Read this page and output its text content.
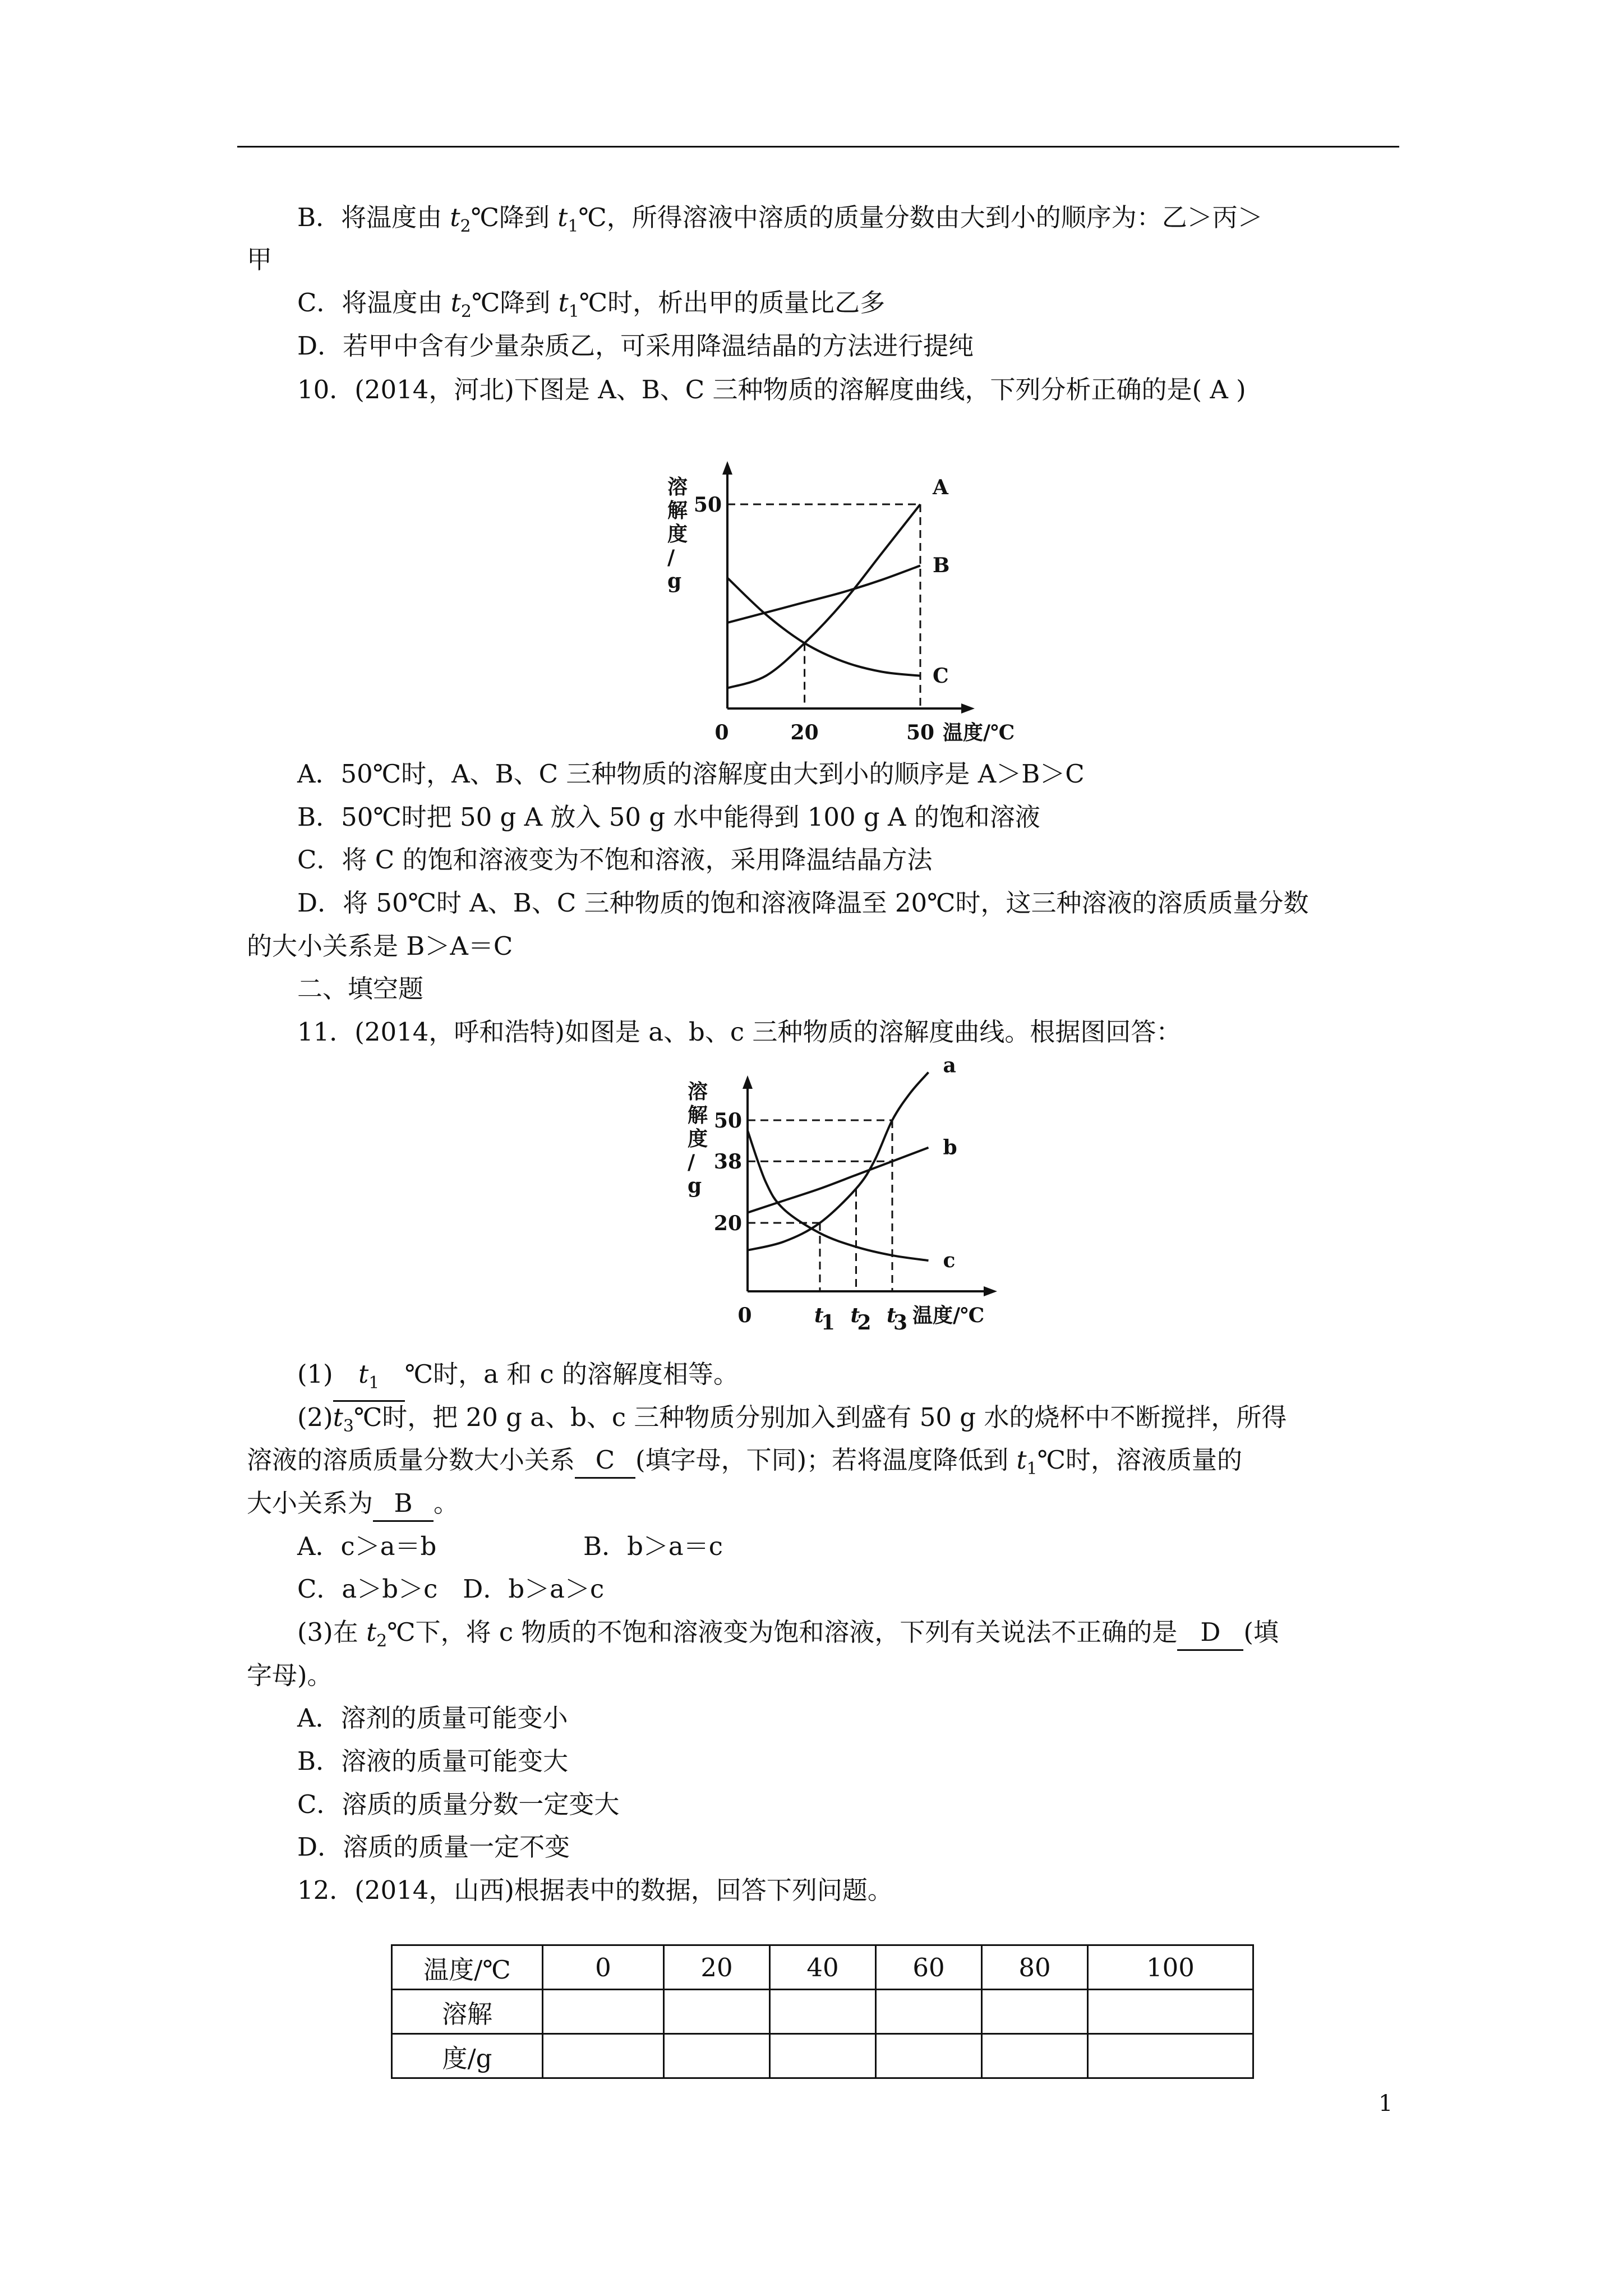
B．将温度由 $t_2℃$降到 $t_1℃$，所得溶液中溶质的质量分数由大到小的顺序为：乙＞丙＞
甲
C．将温度由 $t_2℃$降到 $t_1℃$时，析出甲的质量比乙多
D．若甲中含有少量杂质乙，可采用降温结晶的方法进行提纯
10．(2014，河北)下图是 A、B、C 三种物质的溶解度曲线，下列分析正确的是( A )
A
B
C
0	20	50 温度/℃
50
溶
解
度
/
g
A．50℃时，A、B、C 三种物质的溶解度由大到小的顺序是 A＞B＞C
B．50℃时把 50 g A 放入 50 g 水中能得到 100 g A 的饱和溶液
C．将 C 的饱和溶液变为不饱和溶液，采用降温结晶方法
D．将 50℃时 A、B、C 三种物质的饱和溶液降温至 20℃时，这三种溶液的溶质质量分数
的大小关系是 B＞A＝C
二、填空题
11．(2014，呼和浩特)如图是 a、b、c 三种物质的溶解度曲线。根据图回答：
a
b
c
0	t
1 t
2 t
3 温度/℃
50
38
20
溶
解
度
/
g
(1) $t_1$ ℃时，a 和 c 的溶解度相等。
$(2)t_3℃$时，把 20 g a、b、c 三种物质分别加入到盛有 50 g 水的烧杯中不断搅拌，所得
溶液的溶质质量分数大小关系 C (填字母，下同)；若将温度降低到 $t_1℃$时，溶液质量的
大小关系为 B 。
A．c＞a＝b	B．b＞a＝c
C．a＞b＞c　D．b＞a＞c
(3)在 $t_2℃$下，将 c 物质的不饱和溶液变为饱和溶液，下列有关说法不正确的是 D (填
字母)。
A．溶剂的质量可能变小
B．溶液的质量可能变大
C．溶质的质量分数一定变大
D．溶质的质量一定不变
12．(2014，山西)根据表中的数据，回答下列问题。
温度/℃	0	20	40	60	80	100
溶解						
度/g						
1
